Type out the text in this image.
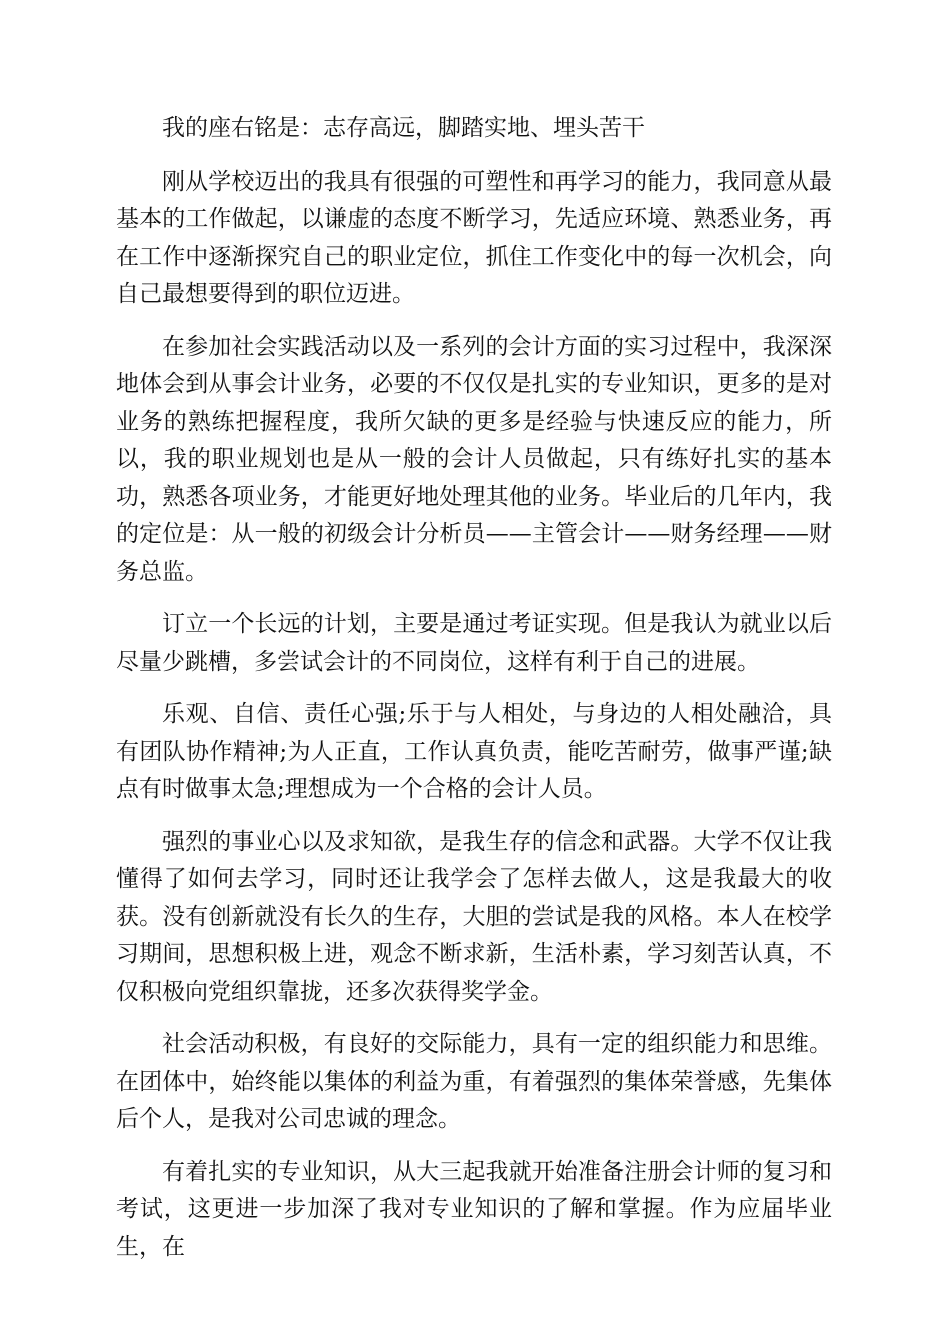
我的座右铭是：志存高远，脚踏实地、埋头苦干

刚从学校迈出的我具有很强的可塑性和再学习的能力，我同意从最基本的工作做起，以谦虚的态度不断学习，先适应环境、熟悉业务，再在工作中逐渐探究自己的职业定位，抓住工作变化中的每一次机会，向自己最想要得到的职位迈进。

在参加社会实践活动以及一系列的会计方面的实习过程中，我深深地体会到从事会计业务，必要的不仅仅是扎实的专业知识，更多的是对业务的熟练把握程度，我所欠缺的更多是经验与快速反应的能力，所以，我的职业规划也是从一般的会计人员做起，只有练好扎实的基本功，熟悉各项业务，才能更好地处理其他的业务。毕业后的几年内，我的定位是：从一般的初级会计分析员——主管会计——财务经理——财务总监。

订立一个长远的计划，主要是通过考证实现。但是我认为就业以后尽量少跳槽，多尝试会计的不同岗位，这样有利于自己的进展。

乐观、自信、责任心强;乐于与人相处，与身边的人相处融洽，具有团队协作精神;为人正直，工作认真负责，能吃苦耐劳，做事严谨;缺点有时做事太急;理想成为一个合格的会计人员。

强烈的事业心以及求知欲，是我生存的信念和武器。大学不仅让我懂得了如何去学习，同时还让我学会了怎样去做人，这是我最大的收获。没有创新就没有长久的生存，大胆的尝试是我的风格。本人在校学习期间，思想积极上进，观念不断求新，生活朴素，学习刻苦认真，不仅积极向党组织靠拢，还多次获得奖学金。

社会活动积极，有良好的交际能力，具有一定的组织能力和思维。在团体中，始终能以集体的利益为重，有着强烈的集体荣誉感，先集体后个人，是我对公司忠诚的理念。

有着扎实的专业知识，从大三起我就开始准备注册会计师的复习和考试，这更进一步加深了我对专业知识的了解和掌握。作为应届毕业生，在
